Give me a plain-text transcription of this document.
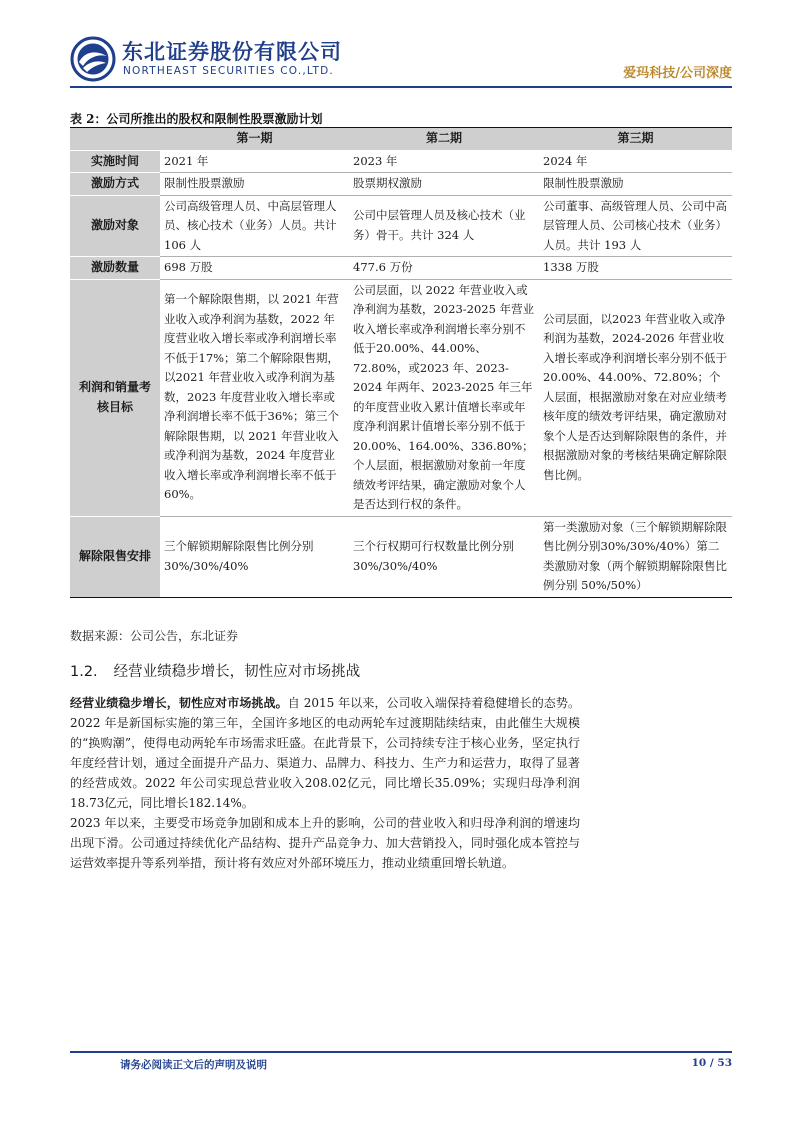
东北证券股份有限公司
NORTHEAST SECURITIES CO.,LTD.	爱玛科技/公司深度
表 2：公司所推出的股权和限制性股票激励计划
	第一期	第二期	第三期
实施时间	2021 年	2023 年	2024 年
激励方式	限制性股票激励	股票期权激励	限制性股票激励
激励对象	公司高级管理人员、中高层管理人员、核心技术（业务）人员。共计 106 人	公司中层管理人员及核心技术（业务）骨干。共计 324 人	公司董事、高级管理人员、公司中高层管理人员、公司核心技术（业务）人员。共计 193 人
激励数量	698 万股	477.6 万份	1338 万股
利润和销量考核目标	第一个解除限售期，以 2021 年营业收入或净利润为基数，2022 年度营业收入增长率或净利润增长率不低于17%；第二个解除限售期，以2021 年营业收入或净利润为基数，2023 年度营业收入增长率或净利润增长率不低于36%；第三个解除限售期，以 2021 年营业收入或净利润为基数，2024 年度营业收入增长率或净利润增长率不低于60%。	公司层面，以 2022 年营业收入或净利润为基数，2023-2025 年营业收入增长率或净利润增长率分别不低于20.00%、44.00%、72.80%，或2023 年、2023-2024 年两年、2023-2025 年三年的年度营业收入累计值增长率或年度净利润累计值增长率分别不低于 20.00%、164.00%、336.80%；个人层面，根据激励对象前一年度绩效考评结果，确定激励对象个人是否达到行权的条件。	公司层面，以2023 年营业收入或净利润为基数，2024-2026 年营业收入增长率或净利润增长率分别不低于20.00%、44.00%、72.80%；个人层面，根据激励对象在对应业绩考核年度的绩效考评结果，确定激励对象个人是否达到解除限售的条件，并根据激励对象的考核结果确定解除限售比例。
解除限售安排	三个解锁期解除限售比例分别 30%/30%/40%	三个行权期可行权数量比例分别 30%/30%/40%	第一类激励对象（三个解锁期解除限售比例分别30%/30%/40%）第二类激励对象（两个解锁期解除限售比例分别 50%/50%）
数据来源：公司公告，东北证券
1.2. 经营业绩稳步增长，韧性应对市场挑战

经营业绩稳步增长，韧性应对市场挑战。自 2015 年以来，公司收入端保持着稳健增长的态势。2022 年是新国标实施的第三年，全国许多地区的电动两轮车过渡期陆续结束，由此催生大规模的“换购潮”，使得电动两轮车市场需求旺盛。在此背景下，公司持续专注于核心业务，坚定执行年度经营计划，通过全面提升产品力、渠道力、品牌力、科技力、生产力和运营力，取得了显著的经营成效。2022 年公司实现总营业收入208.02亿元，同比增长35.09%；实现归母净利润18.73亿元，同比增长182.14%。
2023 年以来，主要受市场竞争加剧和成本上升的影响，公司的营业收入和归母净利润的增速均出现下滑。公司通过持续优化产品结构、提升产品竞争力、加大营销投入，同时强化成本管控与运营效率提升等系列举措，预计将有效应对外部环境压力，推动业绩重回增长轨道。

请务必阅读正文后的声明及说明	10 / 53
